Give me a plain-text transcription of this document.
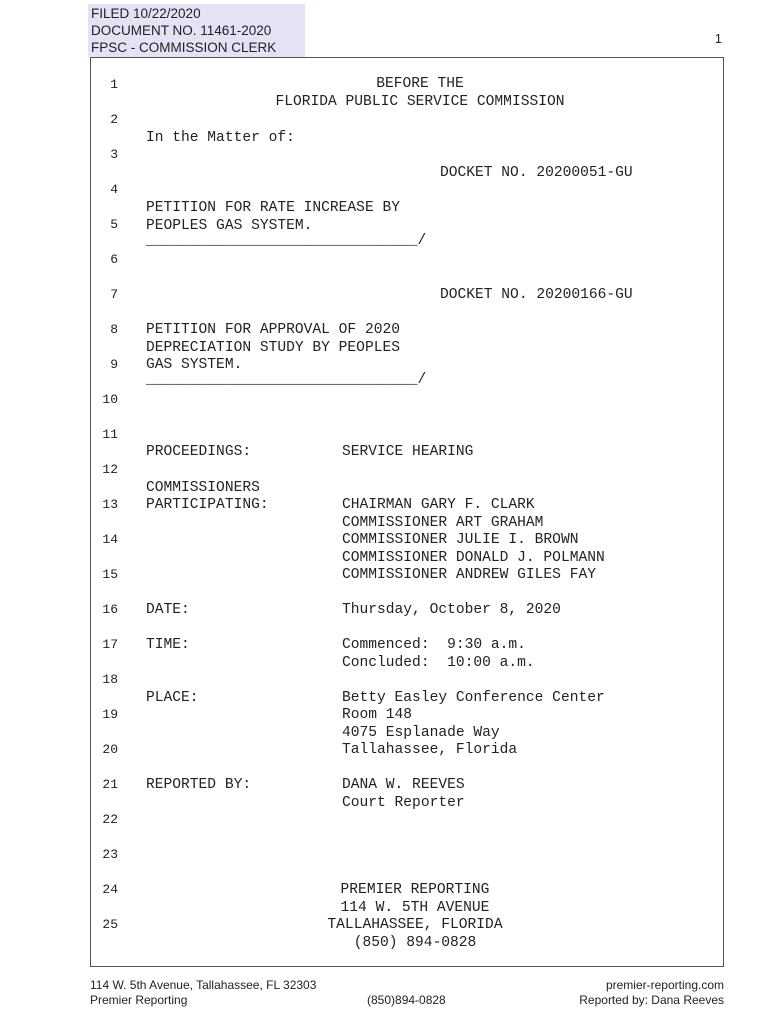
FILED 10/22/2020
DOCUMENT NO. 11461-2020
FPSC - COMMISSION CLERK
1
1
2
3
4
5
6
7
8
9
10
11
12
13
14
15
16
17
18
19
20
21
22
23
24
25
BEFORE THE
FLORIDA PUBLIC SERVICE COMMISSION
In the Matter of:
DOCKET NO. 20200051-GU
PETITION FOR RATE INCREASE BY
PEOPLES GAS SYSTEM.
_______________________________/
DOCKET NO. 20200166-GU
PETITION FOR APPROVAL OF 2020
DEPRECIATION STUDY BY PEOPLES
GAS SYSTEM.
_______________________________/
PROCEEDINGS:	SERVICE HEARING
COMMISSIONERS
PARTICIPATING:	CHAIRMAN GARY F. CLARK
COMMISSIONER ART GRAHAM
COMMISSIONER JULIE I. BROWN
COMMISSIONER DONALD J. POLMANN
COMMISSIONER ANDREW GILES FAY
DATE:	Thursday, October 8, 2020
TIME:	Commenced:  9:30 a.m.
Concluded:  10:00 a.m.
PLACE:	Betty Easley Conference Center
Room 148
4075 Esplanade Way
Tallahassee, Florida
REPORTED BY:	DANA W. REEVES
Court Reporter
PREMIER REPORTING
114 W. 5TH AVENUE
TALLAHASSEE, FLORIDA
(850) 894-0828
114 W. 5th Avenue, Tallahassee, FL 32303
Premier Reporting	(850)894-0828
premier-reporting.com
Reported by: Dana Reeves
